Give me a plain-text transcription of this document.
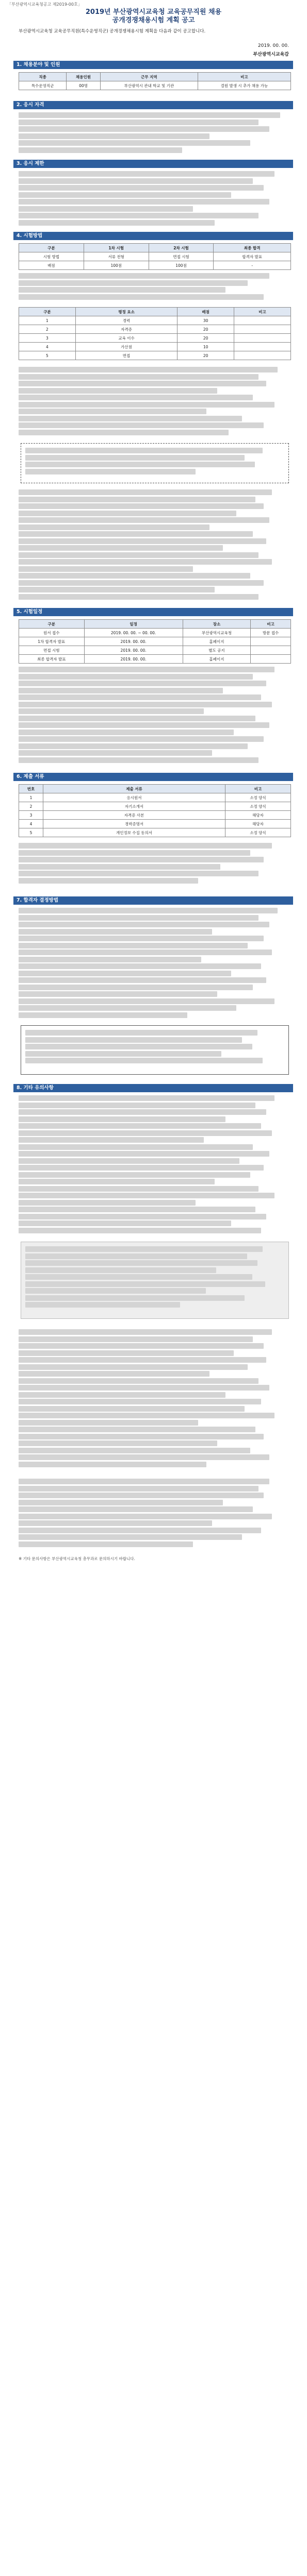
「부산광역시교육청공고 제2019-00호」
2019년 부산광역시교육청 교육공무직원 채용
공개경쟁채용시험 계획 공고
부산광역시교육청 교육공무직원(특수운영직군) 공개경쟁채용시험 계획을 다음과 같이 공고합니다.
2019. 00. 00.
부산광역시교육감
1. 채용분야 및 인원
직종	채용인원	근무 지역	비고
특수운영직군	00명	부산광역시 관내 학교 및 기관	결원 발생 시 추가 채용 가능
2. 응시 자격
3. 응시 제한
4. 시험방법
구분	1차 시험	2차 시험	최종 합격
시험 방법	서류 전형	면접 시험	합격자 발표
배점	100점	100점	-
구분	평정 요소	배점	비고
1	경력	30	
2	자격증	20	
3	교육 이수	20	
4	가산점	10	
5	면접	20	
5. 시험일정
구분	일정	장소	비고
원서 접수	2019. 00. 00. ~ 00. 00.	부산광역시교육청	방문 접수
1차 합격자 발표	2019. 00. 00.	홈페이지	
면접 시험	2019. 00. 00.	별도 공지	
최종 합격자 발표	2019. 00. 00.	홈페이지	
6. 제출 서류
번호	제출 서류	비고
1	응시원서	소정 양식
2	자기소개서	소정 양식
3	자격증 사본	해당자
4	경력증명서	해당자
5	개인정보 수집 동의서	소정 양식
7. 합격자 결정방법
8. 기타 유의사항
※ 기타 문의사항은 부산광역시교육청 총무과로 문의하시기 바랍니다.
